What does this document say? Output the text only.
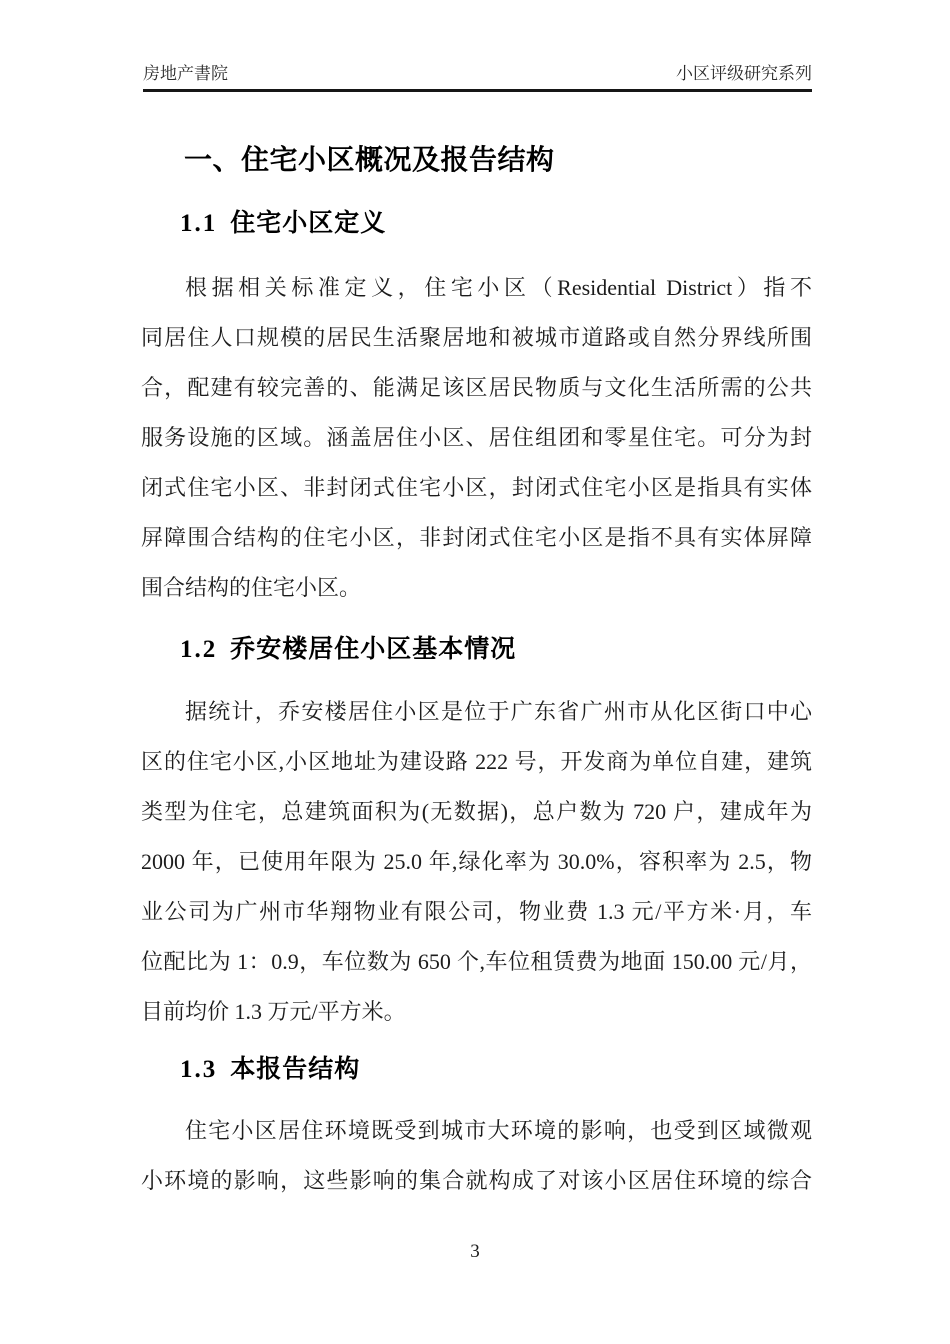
房地产書院	小区评级研究系列
一、住宅小区概况及报告结构
1.1 住宅小区定义
根据相关标准定义，住宅小区（Residential District）指不
同居住人口规模的居民生活聚居地和被城市道路或自然分界线所围
合，配建有较完善的、能满足该区居民物质与文化生活所需的公共
服务设施的区域。涵盖居住小区、居住组团和零星住宅。可分为封
闭式住宅小区、非封闭式住宅小区，封闭式住宅小区是指具有实体
屏障围合结构的住宅小区，非封闭式住宅小区是指不具有实体屏障
围合结构的住宅小区。
1.2 乔安楼居住小区基本情况
据统计，乔安楼居住小区是位于广东省广州市从化区街口中心
区的住宅小区,小区地址为建设路 222 号，开发商为单位自建，建筑
类型为住宅，总建筑面积为(无数据)，总户数为 720 户，建成年为
2000 年，已使用年限为 25.0 年,绿化率为 30.0%，容积率为 2.5，物
业公司为广州市华翔物业有限公司，物业费 1.3 元/平方米·月，车
位配比为 1：0.9，车位数为 650 个,车位租赁费为地面 150.00 元/月，
目前均价 1.3 万元/平方米。
1.3 本报告结构
住宅小区居住环境既受到城市大环境的影响，也受到区域微观
小环境的影响，这些影响的集合就构成了对该小区居住环境的综合
3
